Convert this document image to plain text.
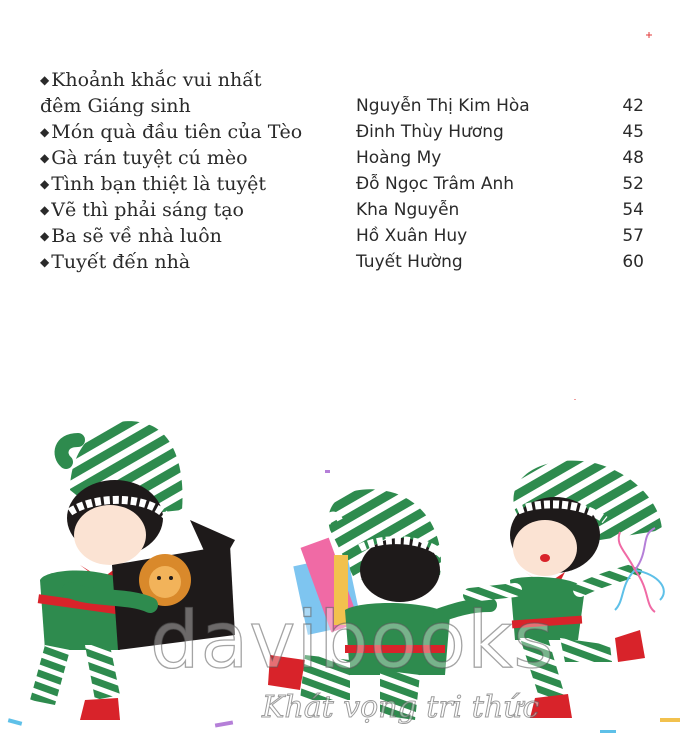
◆ Khoảnh khắc vui nhất
đêm Giáng sinh	Nguyễn Thị Kim Hòa	42
◆ Món quà đầu tiên của Tèo	Đinh Thùy Hương	45
◆ Gà rán tuyệt cú mèo	Hoàng My	48
◆ Tình bạn thiệt là tuyệt	Đỗ Ngọc Trâm Anh	52
◆ Vẽ thì phải sáng tạo	Kha Nguyễn	54
◆ Ba sẽ về nhà luôn	Hồ Xuân Huy	57
◆ Tuyết đến nhà	Tuyết Hường	60
davibooks
Khát vọng tri thức
